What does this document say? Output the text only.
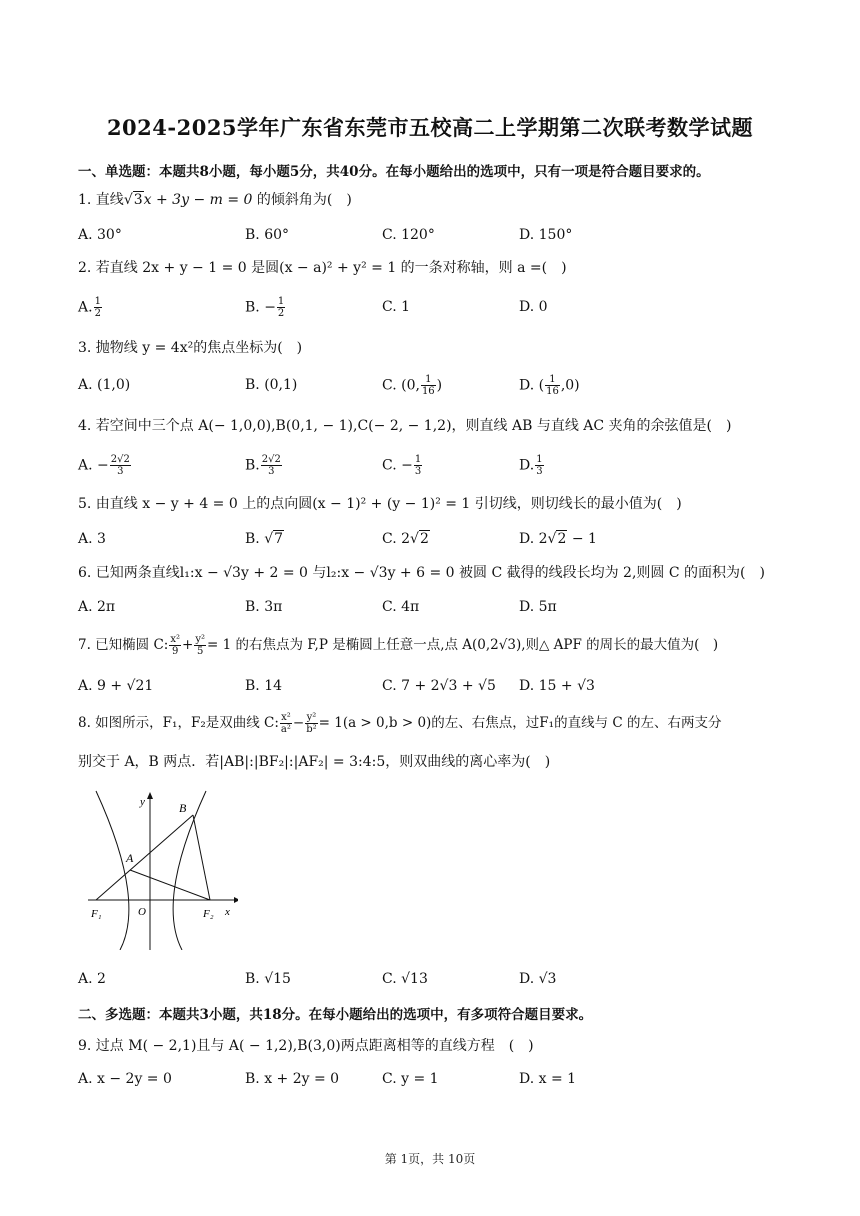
2024-2025学年广东省东莞市五校高二上学期第二次联考数学试题
一、单选题：本题共8小题，每小题5分，共40分。在每小题给出的选项中，只有一项是符合题目要求的。
1. 直线√3x + 3y − m = 0 的倾斜角为(　)
A. 30°	B. 60°	C. 120°	D. 150°
2. 若直线 2x + y − 1 = 0 是圆(x − a)² + y² = 1 的一条对称轴，则 a =(　)
A. $\frac{1}{2}$	B. − $\frac{1}{2}$	C. 1	D. 0
3. 抛物线 y = 4x²的焦点坐标为(　)
A. (1,0)	B. (0,1)	C. (0, $\frac{1}{16}$ )	D. ( $\frac{1}{16} ,0$)
4. 若空间中三个点 A(− 1,0,0),B(0,1, − 1),C(− 2, − 1,2)，则直线 AB 与直线 AC 夹角的余弦值是(　)
A. − $\frac{2√2}{3}$	B. $\frac{2√2}{3}$	C. − $\frac{1}{3}$	D. $\frac{1}{3}$
5. 由直线 x − y + 4 = 0 上的点向圆(x − 1)² + (y − 1)² = 1 引切线，则切线长的最小值为(　)
A. 3	B. √7	C. 2√2	D. 2√2 − 1
6. 已知两条直线l₁:x − √3y + 2 = 0 与l₂:x − √3y + 6 = 0 被圆 C 截得的线段长均为 2,则圆 C 的面积为(　)
A. 2π	B. 3π	C. 4π	D. 5π
7. 已知椭圆 C: $\frac{\text{x²}}{9} + \frac{\text{y²}}{5} = 1$ 的右焦点为 F,P 是椭圆上任意一点,点 A(0,2√3),则△ APF 的周长的最大值为(　)
A. 9 + √21	B. 14	C. 7 + 2√3 + √5 D. 15 + √3
8. 如图所示，F₁，F₂是双曲线 C: $\frac{\text{x²}}{\text{a²}} - \frac{\text{y²}}{\text{b²}} = 1(a > 0,b > 0)$的左、右焦点，过F₁的直线与 C 的左、右两支分
别交于 A，B 两点．若|AB|:|BF₂|:|AF₂| = 3:4:5，则双曲线的离心率为(　)
B
A
y
x
O
F₁	F₂
A. 2	B. √15	C. √13	D. √3
二、多选题：本题共3小题，共18分。在每小题给出的选项中，有多项符合题目要求。
9. 过点 M( − 2,1)且与 A( − 1,2),B(3,0)两点距离相等的直线方程　(　)
A. x − 2y = 0	B. x + 2y = 0	C. y = 1	D. x = 1
第 1页，共 10页
